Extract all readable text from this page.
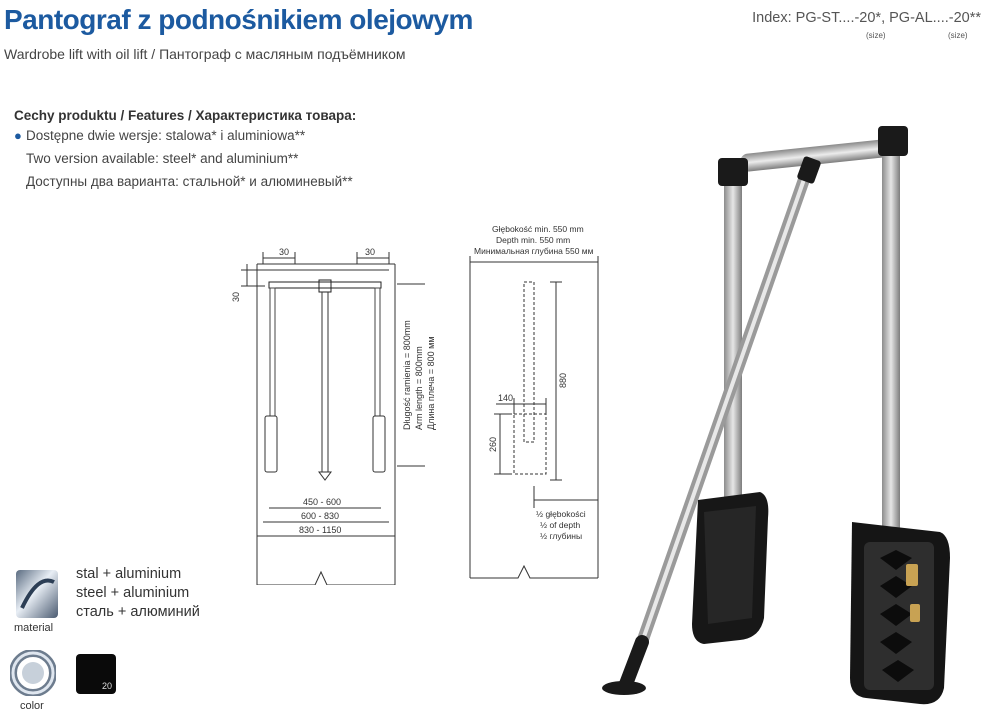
Pantograf z podnośnikiem olejowym
Wardrobe lift with oil lift / Пантограф с масляным подъёмником
Index: PG-ST....-20*, PG-AL....-20**
(size)	(size)
Cechy produktu / Features / Характеристика товара:
● Dostępne dwie wersje: stalowa* i aluminiowa**
Two version available: steel* and aluminium**
Доступны два варианта: стальной* и алюминевый**
30	30
30
450 - 600
600 - 830
830 - 1150
Długość ramienia = 800mm Arm length = 800mm Длина плеча = 800 мм
Głębokość min. 550 mm
Depth min. 550 mm
Минимальная глубина 550 мм
880
140
260
½ głębokości
½ of depth
½ глубины
material
stal + aluminium
steel + aluminium
сталь + алюминий
color
20
